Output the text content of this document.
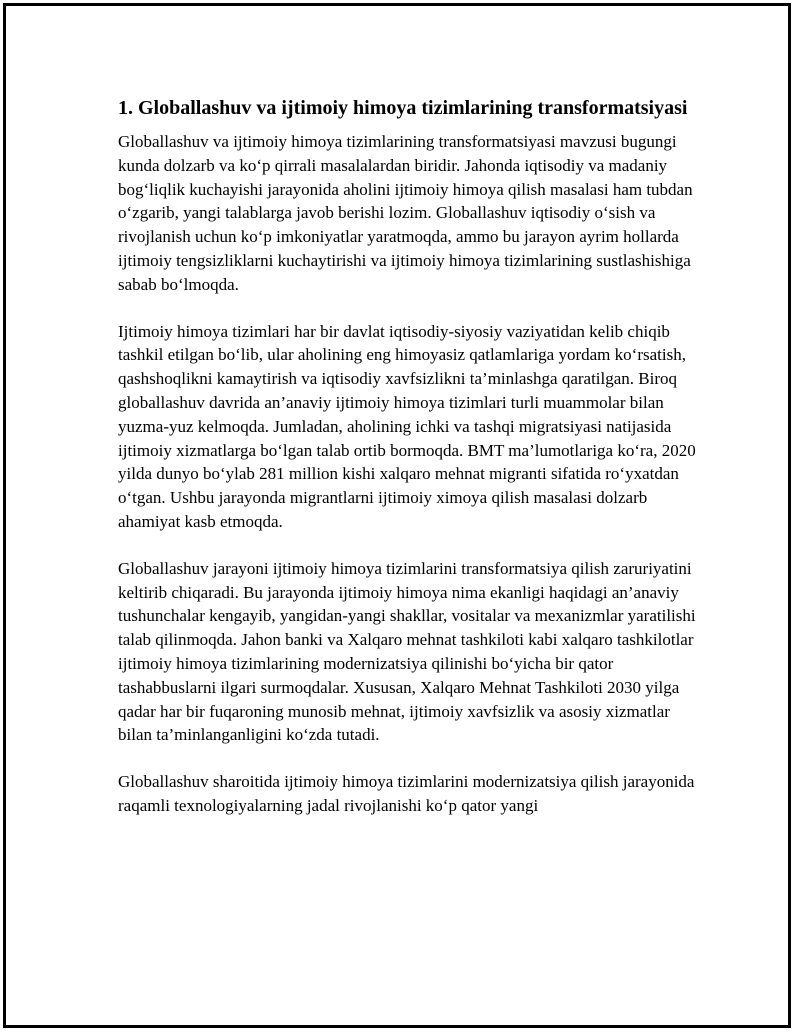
1. Globallashuv va ijtimoiy himoya tizimlarining transformatsiyasi

Globallashuv va ijtimoiy himoya tizimlarining transformatsiyasi mavzusi bugungi kunda dolzarb va ko‘p qirrali masalalardan biridir. Jahonda iqtisodiy va madaniy bog‘liqlik kuchayishi jarayonida aholini ijtimoiy himoya qilish masalasi ham tubdan o‘zgarib, yangi talablarga javob berishi lozim. Globallashuv iqtisodiy o‘sish va rivojlanish uchun ko‘p imkoniyatlar yaratmoqda, ammo bu jarayon ayrim hollarda ijtimoiy tengsizliklarni kuchaytirishi va ijtimoiy himoya tizimlarining sustlashishiga sabab bo‘lmoqda.

Ijtimoiy himoya tizimlari har bir davlat iqtisodiy-siyosiy vaziyatidan kelib chiqib tashkil etilgan bo‘lib, ular aholining eng himoyasiz qatlamlariga yordam ko‘rsatish, qashshoqlikni kamaytirish va iqtisodiy xavfsizlikni ta’minlashga qaratilgan. Biroq globallashuv davrida an’anaviy ijtimoiy himoya tizimlari turli muammolar bilan yuzma-yuz kelmoqda. Jumladan, aholining ichki va tashqi migratsiyasi natijasida ijtimoiy xizmatlarga bo‘lgan talab ortib bormoqda. BMT ma’lumotlariga ko‘ra, 2020 yilda dunyo bo‘ylab 281 million kishi xalqaro mehnat migranti sifatida ro‘yxatdan o‘tgan. Ushbu jarayonda migrantlarni ijtimoiy ximoya qilish masalasi dolzarb ahamiyat kasb etmoqda.

Globallashuv jarayoni ijtimoiy himoya tizimlarini transformatsiya qilish zaruriyatini keltirib chiqaradi. Bu jarayonda ijtimoiy himoya nima ekanligi haqidagi an’anaviy tushunchalar kengayib, yangidan-yangi shakllar, vositalar va mexanizmlar yaratilishi talab qilinmoqda. Jahon banki va Xalqaro mehnat tashkiloti kabi xalqaro tashkilotlar ijtimoiy himoya tizimlarining modernizatsiya qilinishi bo‘yicha bir qator tashabbuslarni ilgari surmoqdalar. Xususan, Xalqaro Mehnat Tashkiloti 2030 yilga qadar har bir fuqaroning munosib mehnat, ijtimoiy xavfsizlik va asosiy xizmatlar bilan ta’minlanganligini ko‘zda tutadi.

Globallashuv sharoitida ijtimoiy himoya tizimlarini modernizatsiya qilish jarayonida raqamli texnologiyalarning jadal rivojlanishi ko‘p qator yangi
